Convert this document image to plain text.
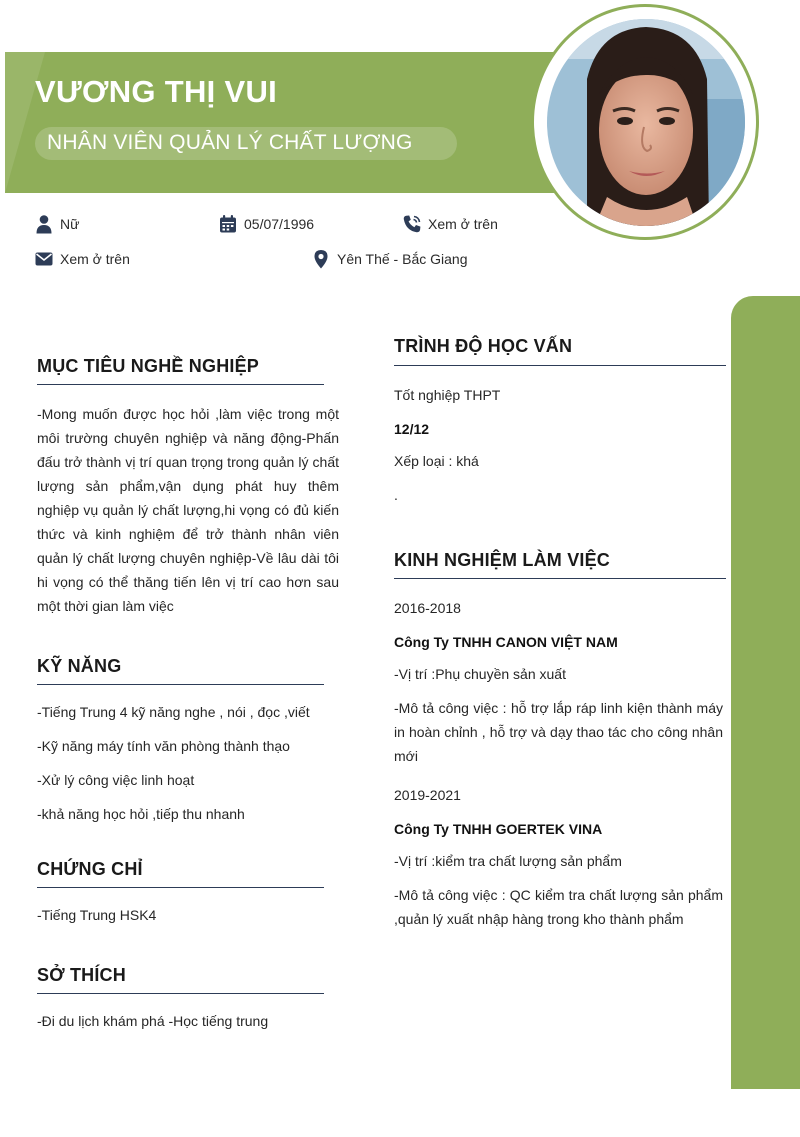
VƯƠNG THỊ VUI
NHÂN VIÊN QUẢN LÝ CHẤT LƯỢNG
Nữ	05/07/1996	Xem ở trên
Xem ở trên	Yên Thế - Bắc Giang
MỤC TIÊU NGHỀ NGHIỆP
-Mong muốn được học hỏi ,làm việc trong một môi trường chuyên nghiệp và năng động-Phấn đấu trở thành vị trí quan trọng trong quản lý chất lượng sản phẩm,vận dụng phát huy thêm nghiệp vụ quản lý chất lượng,hi vọng có đủ kiến thức và kinh nghiệm để trở thành nhân viên quản lý chất lượng chuyên nghiệp-Về lâu dài tôi hi vọng có thể thăng tiến lên vị trí cao hơn sau một thời gian làm việc
KỸ NĂNG
-Tiếng Trung 4 kỹ năng nghe , nói , đọc ,viết
-Kỹ năng máy tính văn phòng thành thạo
-Xử lý công việc linh hoạt
-khả năng học hỏi ,tiếp thu nhanh
CHỨNG CHỈ
-Tiếng Trung HSK4
SỞ THÍCH
-Đi du lịch khám phá -Học tiếng trung
TRÌNH ĐỘ HỌC VẤN
Tốt nghiệp THPT
12/12
Xếp loại : khá
.
KINH NGHIỆM LÀM VIỆC
2016-2018
Công Ty TNHH CANON VIỆT NAM
-Vị trí :Phụ chuyền sản xuất
-Mô tả công việc : hỗ trợ lắp ráp linh kiện thành máy in hoàn chỉnh , hỗ trợ và dạy thao tác cho công nhân mới
2019-2021
Công Ty TNHH GOERTEK VINA
-Vị trí :kiểm tra chất lượng sản phẩm
-Mô tả công việc : QC kiểm tra chất lượng sản phẩm ,quản lý xuất nhập hàng trong kho thành phẩm
